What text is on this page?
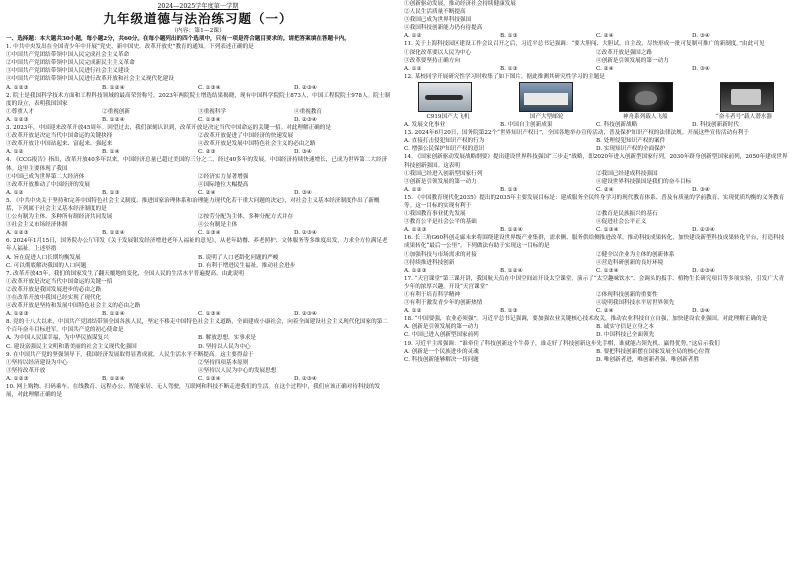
2024—2025学年度第一学期
九年级道德与法治练习题（一）
（内容：第1—2课）
一、选择题：本大题共30小题，每小题2分，共60分。在每小题列出的四个选项中，只有一项是符合题目要求的。请把答案填在答题卡内。

1. 中共中央发出在全国青少年中开展“党史、新中国史、改革开放史”教育的通知。下列表述正确的是

①中国共产党团结带领中国人民完成社会主义革命

②中国共产党团结带领中国人民完成新民主主义革命

③中国共产党团结带领中国人民进行社会主义建设

④中国共产党团结带领中国人民进行改革开放和社会主义现代化建设

A. ①②③	B. ①②④	C. ①③④	D. ②③④

2. 院士是我国科学技术方面和工程科技领域的最高荣誉称号。2023年两院院士增选结果揭晓，现有中国科学院院士873人，中国工程院院士978人。院士制度的设立，表明我国国家

①尊重人才	②重视创新	③重视科学	④重视教育
A. ①②③	B. ①②④	C. ①③④	D. ②③④

3. 2023年，中国迎来改革开放45周年。回望过去，我们深刻认识到，改革开放是决定当代中国命运的关键一招。对此理解正确的是

①改革开放是决定当代中国命运的关键抉择	②改革开放促进了中国经济的快速发展
③改革开放让中国站起来、富起来、强起来	④改革开放是发展中国特色社会主义的必由之路
A. ①②	B. ①④	C. ②③	D. ③④

4. 《CCG报告》指出，改革开放40多年以来，中国经济总量已超过美国的三分之二，经过40多年的发展，中国经济持续快速增长，已成为世界第二大经济体。这里主要体现了我国

①中国已成为世界第二大经济体	②经济实力显著增强
③改革开放推动了中国经济的发展	④国际地位大幅提高
A. ①②	B. ①③	C. ②④	D. ③④

5. 《中共中央关于坚持和完善中国特色社会主义制度、推进国家治理体系和治理能力现代化若干重大问题的决定》，对社会主义基本经济制度作出了新概括，下列属于社会主义基本经济制度的是

①公有制为主体、多种所有制经济共同发展	②按劳分配为主体、多种分配方式并存
③社会主义市场经济体制	④公有制是主体
A. ①②③	B. ①②④	C. ①③④	D. ②③④

6. 2024年1月15日，国务院办公厅印发《关于发展银发经济增进老年人福祉的意见》，从老年助餐、养老照护、文体服务等多维度出发，力求全方位满足老年人福祉。上述举措

A. 旨在促进人口长期均衡发展	B. 说明了人口老龄化问题的严峻
C. 可以彻底解决我国的人口问题	D. 有利于增进民生福祉，推动社会进步

7. 改革开放45年，我们的国家发生了翻天覆地的变化，全国人民的生活水平普遍提高。由此说明

①改革开放是决定当代中国命运的关键一招

②改革开放是我国发展进步的必由之路

③在改革开放中我国已经实现了现代化

④改革开放是坚持和发展中国特色社会主义的必由之路

A. ①②③	B. ①②④	C. ①③④	D. ②③④

8. 党的十八大以来，中国共产党团结带领全国各族人民，坚定不移走中国特色社会主义道路，全面建成小康社会，向着全面建设社会主义现代化国家的第二个百年奋斗目标进军。中国共产党的初心使命是

A. 为中国人民谋幸福，为中华民族谋复兴	B. 解放思想，实事求是
C. 建设富强民主文明和谐美丽的社会主义现代化强国	D. 坚持以人民为中心

9. 在中国共产党的坚强领导下，我国经济发展取得显著成就，人民生活水平不断提高。这主要得益于

①坚持以经济建设为中心	②坚持四项基本原则
③坚持改革开放	④坚持以人民为中心的发展思想
A. ①②③	B. ①②④	C. ①③④	D. ②③④

10. 网上购物、扫码乘车、在线教育、远程办公、智能家居、无人驾驶，互联网和科技不断走进我们的生活。在这个过程中，我们应该正确对待科技的发展，对此理解正确的是

①创新驱动发展，推动经济社会持续健康发展

②人民生活质量不断提高

③我国已成为世界科技强国

④我国科技创新能力仍有待提高

A. ①②	B. ①③	C. ②④	D. ③④

11. 关于上海科技园区建设工作会议召开之后，习近平总书记强调：“要大胆闯、大胆试、自主改，尽快形成一批可复制可推广的新制度。”由此可见

①深化改革要以人民为中心	②改革开放是强国之路
③改革要坚持正确方向	④创新是引领发展的第一动力
A. ①②	B. ①③	C. ②④	D. ③④

12. 某校同学开展研究性学习时收集了如下图片，据此推测其研究性学习的主题是

C919国产大飞机	国产大型邮轮	神舟系列载人飞船	“奋斗者号”载人潜水器
A. 发展文化事业	B. 中国自主创新成果	C. 科技创新战略	D. 科技创新新时代

13. 2024年6月20日，国务院第22个“世界知识产权日”，全国各地举办宣传活动，普及保护知识产权的法律法规。开展这些宣传活动有利于

A. 直接打击侵犯知识产权的行为	B. 处理侵犯知识产权的案件
C. 增强公民保护知识产权的意识	D. 实现知识产权的全面保护

14. 《国家创新驱动发展战略纲要》提出建设世界科技强国“三步走”战略，即2020年进入创新型国家行列，2030年跻身创新型国家前列，2050年建成世界科技创新强国。这表明

①我国已经进入创新型国家行列	②我国已经建成科技强国
③创新是引领发展的第一动力	④建设世界科技强国是我们的奋斗目标
A. ①②	B. ①③	C. ②④	D. ③④

15. 《中国教育现代化2035》提出的2035年主要发展目标是：建成服务全民终身学习的现代教育体系、普及有质量的学前教育、实现优质均衡的义务教育等。这一目标的实现有利于

①我国教育事业优先发展	②教育是民族振兴的基石
③教育公平是社会公平的基础	④促进社会公平正义
A. ①②③	B. ①②④	C. ①③④	D. ②③④

16. 长三角G60科创走廊未来将围绕建设世界级产业集群，需求侧、服务供给侧推进改革。推动科技成果转化，加快建设新型科技成果转化平台，打造科技成果转化“最后一公里”。下列做法有助于实现这一目标的是

①加强科技与市场需求的对接	②健全以企业为主体的创新体系
③持续推进科技创新	④营造科研创新的良好环境
A. ①②③	B. ①②④	C. ①③④	D. ②③④

17. “天宫课堂”第三课开讲，我国航天员在中国空间站开设太空课堂，演示了“太空趣味饮水”、会调头的扳手、植物生长研究项目等多项实验，引发广大青少年的浓厚兴趣。开设“天宫课堂”

①有利于培育科学精神	②体现科技创新的重要性
③有利于激发青少年的创新热情	④说明我国科技水平居世界领先
A. ①②	B. ①③	C. ②④	D. ③④

18. “中国要强，农业必须强”。习近平总书记强调，要加强农业关键核心技术攻关，推动农业科技自立自强，加快建设农业强国。对此理解正确的是

A. 创新是引领发展的第一动力	B. 诚实守信是立身之本
C. 中国已进入创新型国家前列	D. 中国科技已全面领先

19. 习近平主席强调：“谁牵住了科技创新这个牛鼻子，谁走好了科技创新这步先手棋，谁就能占领先机、赢得优势。”这启示我们

A. 创新是一个民族进步的灵魂	B. 要把科技创新摆在国家发展全局的核心位置
C. 科技创新能够解决一切问题	D. 唯创新者进，唯创新者强，唯创新者胜
